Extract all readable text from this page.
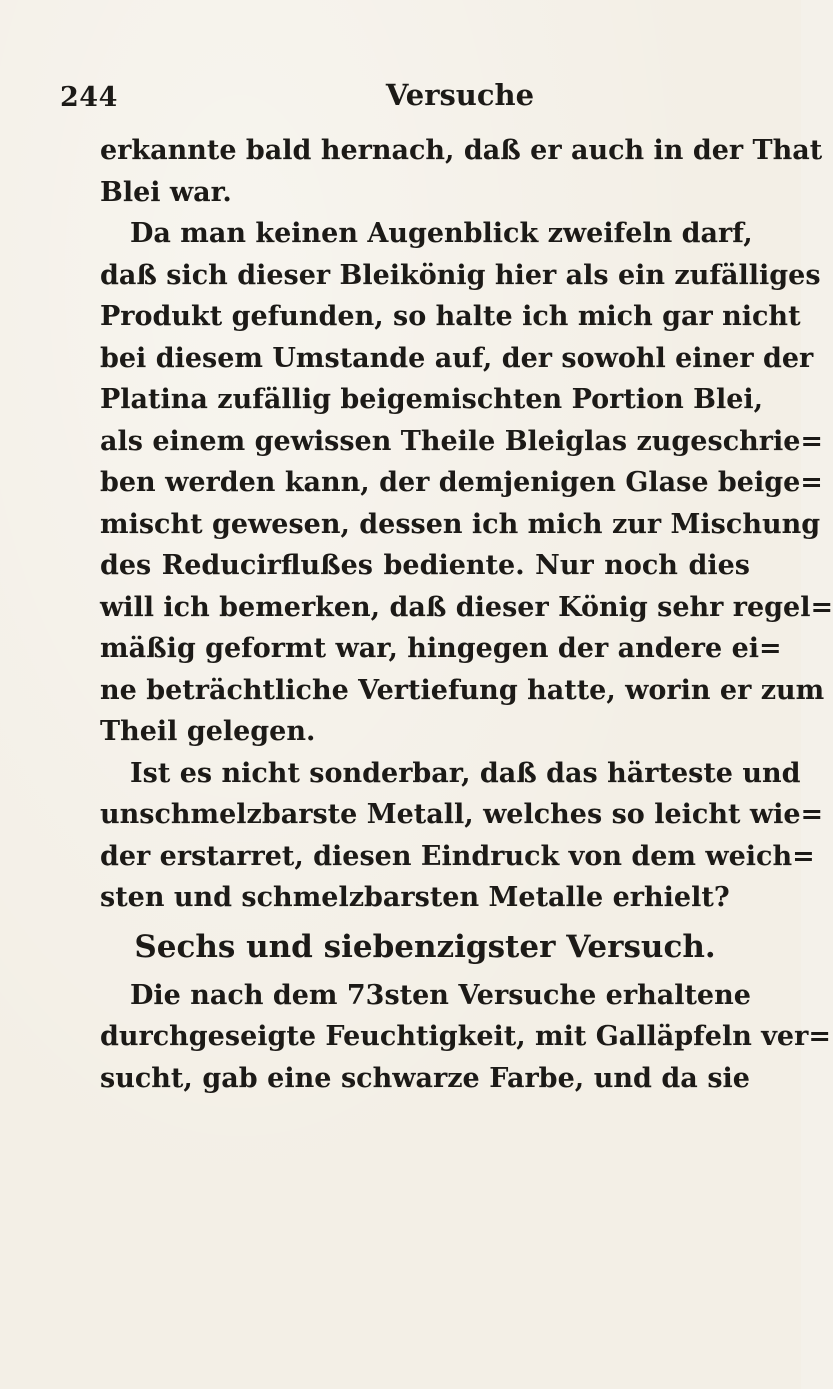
244	Versuche
erkannte bald hernach, daß er auch in der That
Blei war.
Da man keinen Augenblick zweifeln darf,
daß sich dieser Bleikönig hier als ein zufälliges
Produkt gefunden, so halte ich mich gar nicht
bei diesem Umstande auf, der sowohl einer der
Platina zufällig beigemischten Portion Blei,
als einem gewissen Theile Bleiglas zugeschrie=
ben werden kann, der demjenigen Glase beige=
mischt gewesen, dessen ich mich zur Mischung
des Reducirflußes bediente. Nur noch dies
will ich bemerken, daß dieser König sehr regel=
mäßig geformt war, hingegen der andere ei=
ne beträchtliche Vertiefung hatte, worin er zum
Theil gelegen.
Ist es nicht sonderbar, daß das härteste und
unschmelzbarste Metall, welches so leicht wie=
der erstarret, diesen Eindruck von dem weich=
sten und schmelzbarsten Metalle erhielt?
Sechs und siebenzigster Versuch.
Die nach dem 73sten Versuche erhaltene
durchgeseigte Feuchtigkeit, mit Galläpfeln ver=
sucht, gab eine schwarze Farbe, und da sie
